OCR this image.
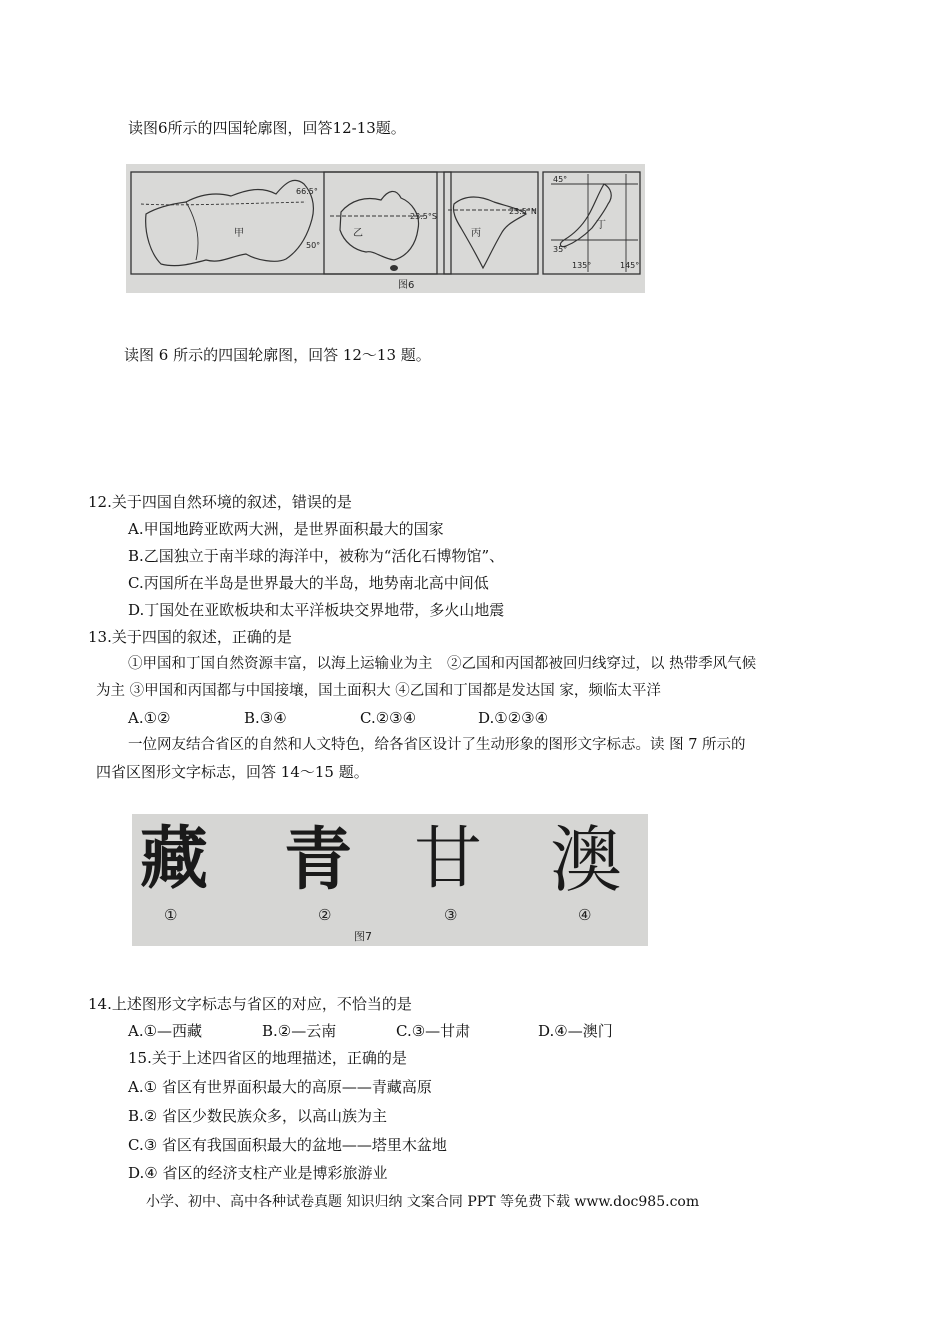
读图6所示的四国轮廓图，回答12-13题。
甲
66.5°
50°
乙
23.5°S
丙
23.5°N
丁
45°
35°
135°	145°
图6
读图 6 所示的四国轮廓图，回答 12～13 题。
12.关于四国自然环境的叙述，错误的是
A.甲国地跨亚欧两大洲，是世界面积最大的国家
B.乙国独立于南半球的海洋中，被称为“活化石博物馆”、
C.丙国所在半岛是世界最大的半岛，地势南北高中间低
D.丁国处在亚欧板块和太平洋板块交界地带，多火山地震
13.关于四国的叙述，正确的是
①甲国和丁国自然资源丰富，以海上运输业为主　②乙国和丙国都被回归线穿过，以 热带季风气候
为主 ③甲国和丙国都与中国接壤，国土面积大 ④乙国和丁国都是发达国 家，频临太平洋
A.①②	B.③④	C.②③④	D.①②③④
一位网友结合省区的自然和人文特色，给各省区设计了生动形象的图形文字标志。读 图 7 所示的
四省区图形文字标志，回答 14～15 题。
藏 青 甘 澳
①	②	③	④
图7
14.上述图形文字标志与省区的对应，不恰当的是
A.①—西藏	B.②—云南	C.③—甘肃	D.④—澳门
15.关于上述四省区的地理描述，正确的是
A.① 省区有世界面积最大的高原——青藏高原
B.② 省区少数民族众多，以高山族为主
C.③ 省区有我国面积最大的盆地——塔里木盆地
D.④ 省区的经济支柱产业是博彩旅游业
小学、初中、高中各种试卷真题 知识归纳 文案合同 PPT 等免费下载 www.doc985.com
